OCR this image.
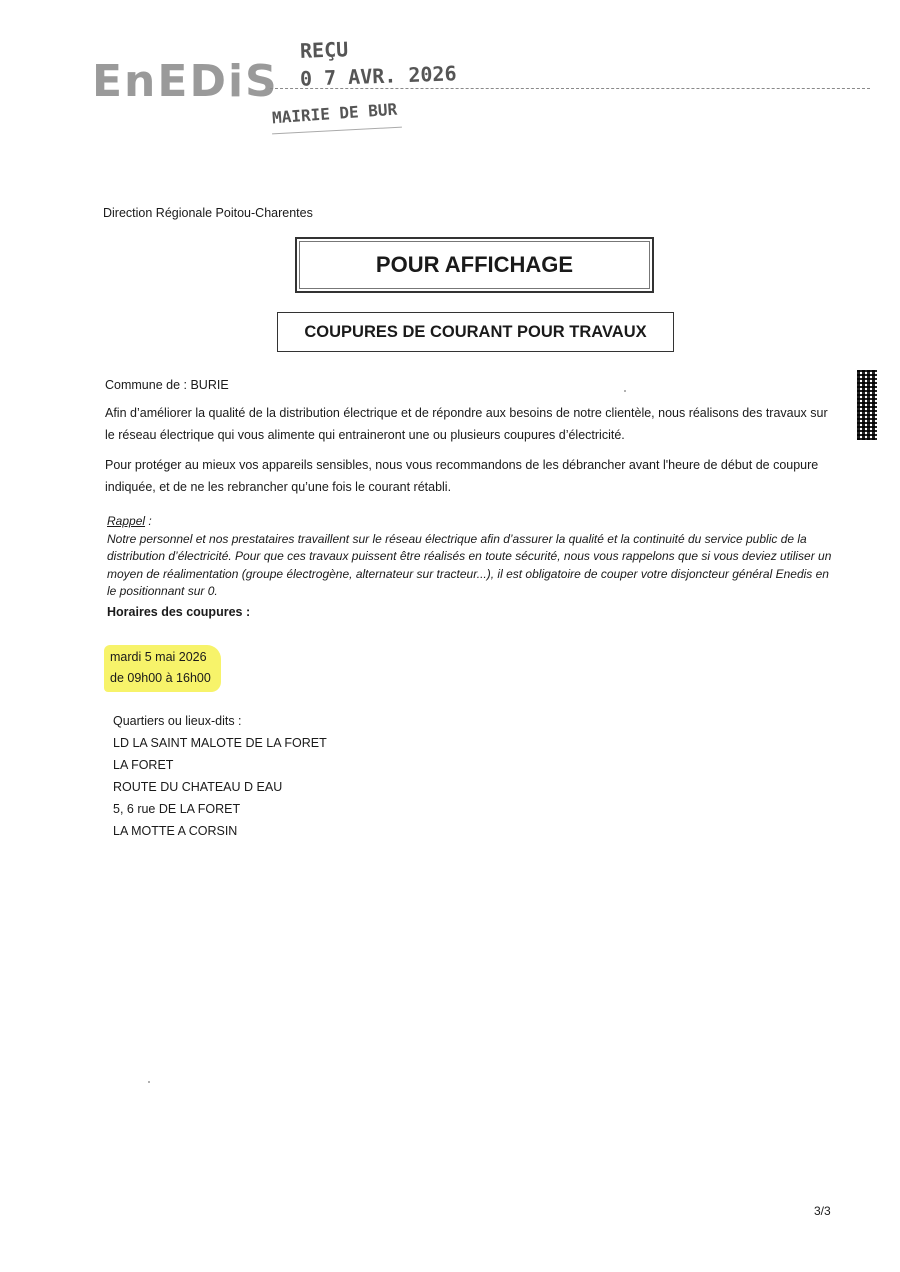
EnEDiS
REÇU
0 7 AVR. 2026
MAIRIE DE BUR
Direction Régionale Poitou-Charentes
POUR AFFICHAGE
COUPURES DE COURANT POUR TRAVAUX
Commune de : BURIE
Afin d’améliorer la qualité de la distribution électrique et de répondre aux besoins de notre clientèle, nous réalisons des travaux sur le réseau électrique qui vous alimente qui entraineront une ou plusieurs coupures d’électricité.
Pour protéger au mieux vos appareils sensibles, nous vous recommandons de les débrancher avant l'heure de début de coupure indiquée, et de ne les rebrancher qu’une fois le courant rétabli.
Rappel :
Notre personnel et nos prestataires travaillent sur le réseau électrique afin d’assurer la qualité et la continuité du service public de la distribution d’électricité. Pour que ces travaux puissent être réalisés en toute sécurité, nous vous rappelons que si vous deviez utiliser un moyen de réalimentation (groupe électrogène, alternateur sur tracteur...), il est obligatoire de couper votre disjoncteur général Enedis en le positionnant sur 0.
Horaires des coupures :
mardi 5 mai 2026
de 09h00 à 16h00
Quartiers ou lieux-dits :
LD LA SAINT MALOTE DE LA FORET
LA FORET
ROUTE DU CHATEAU D EAU
5, 6 rue DE LA FORET
LA MOTTE A CORSIN
3/3
